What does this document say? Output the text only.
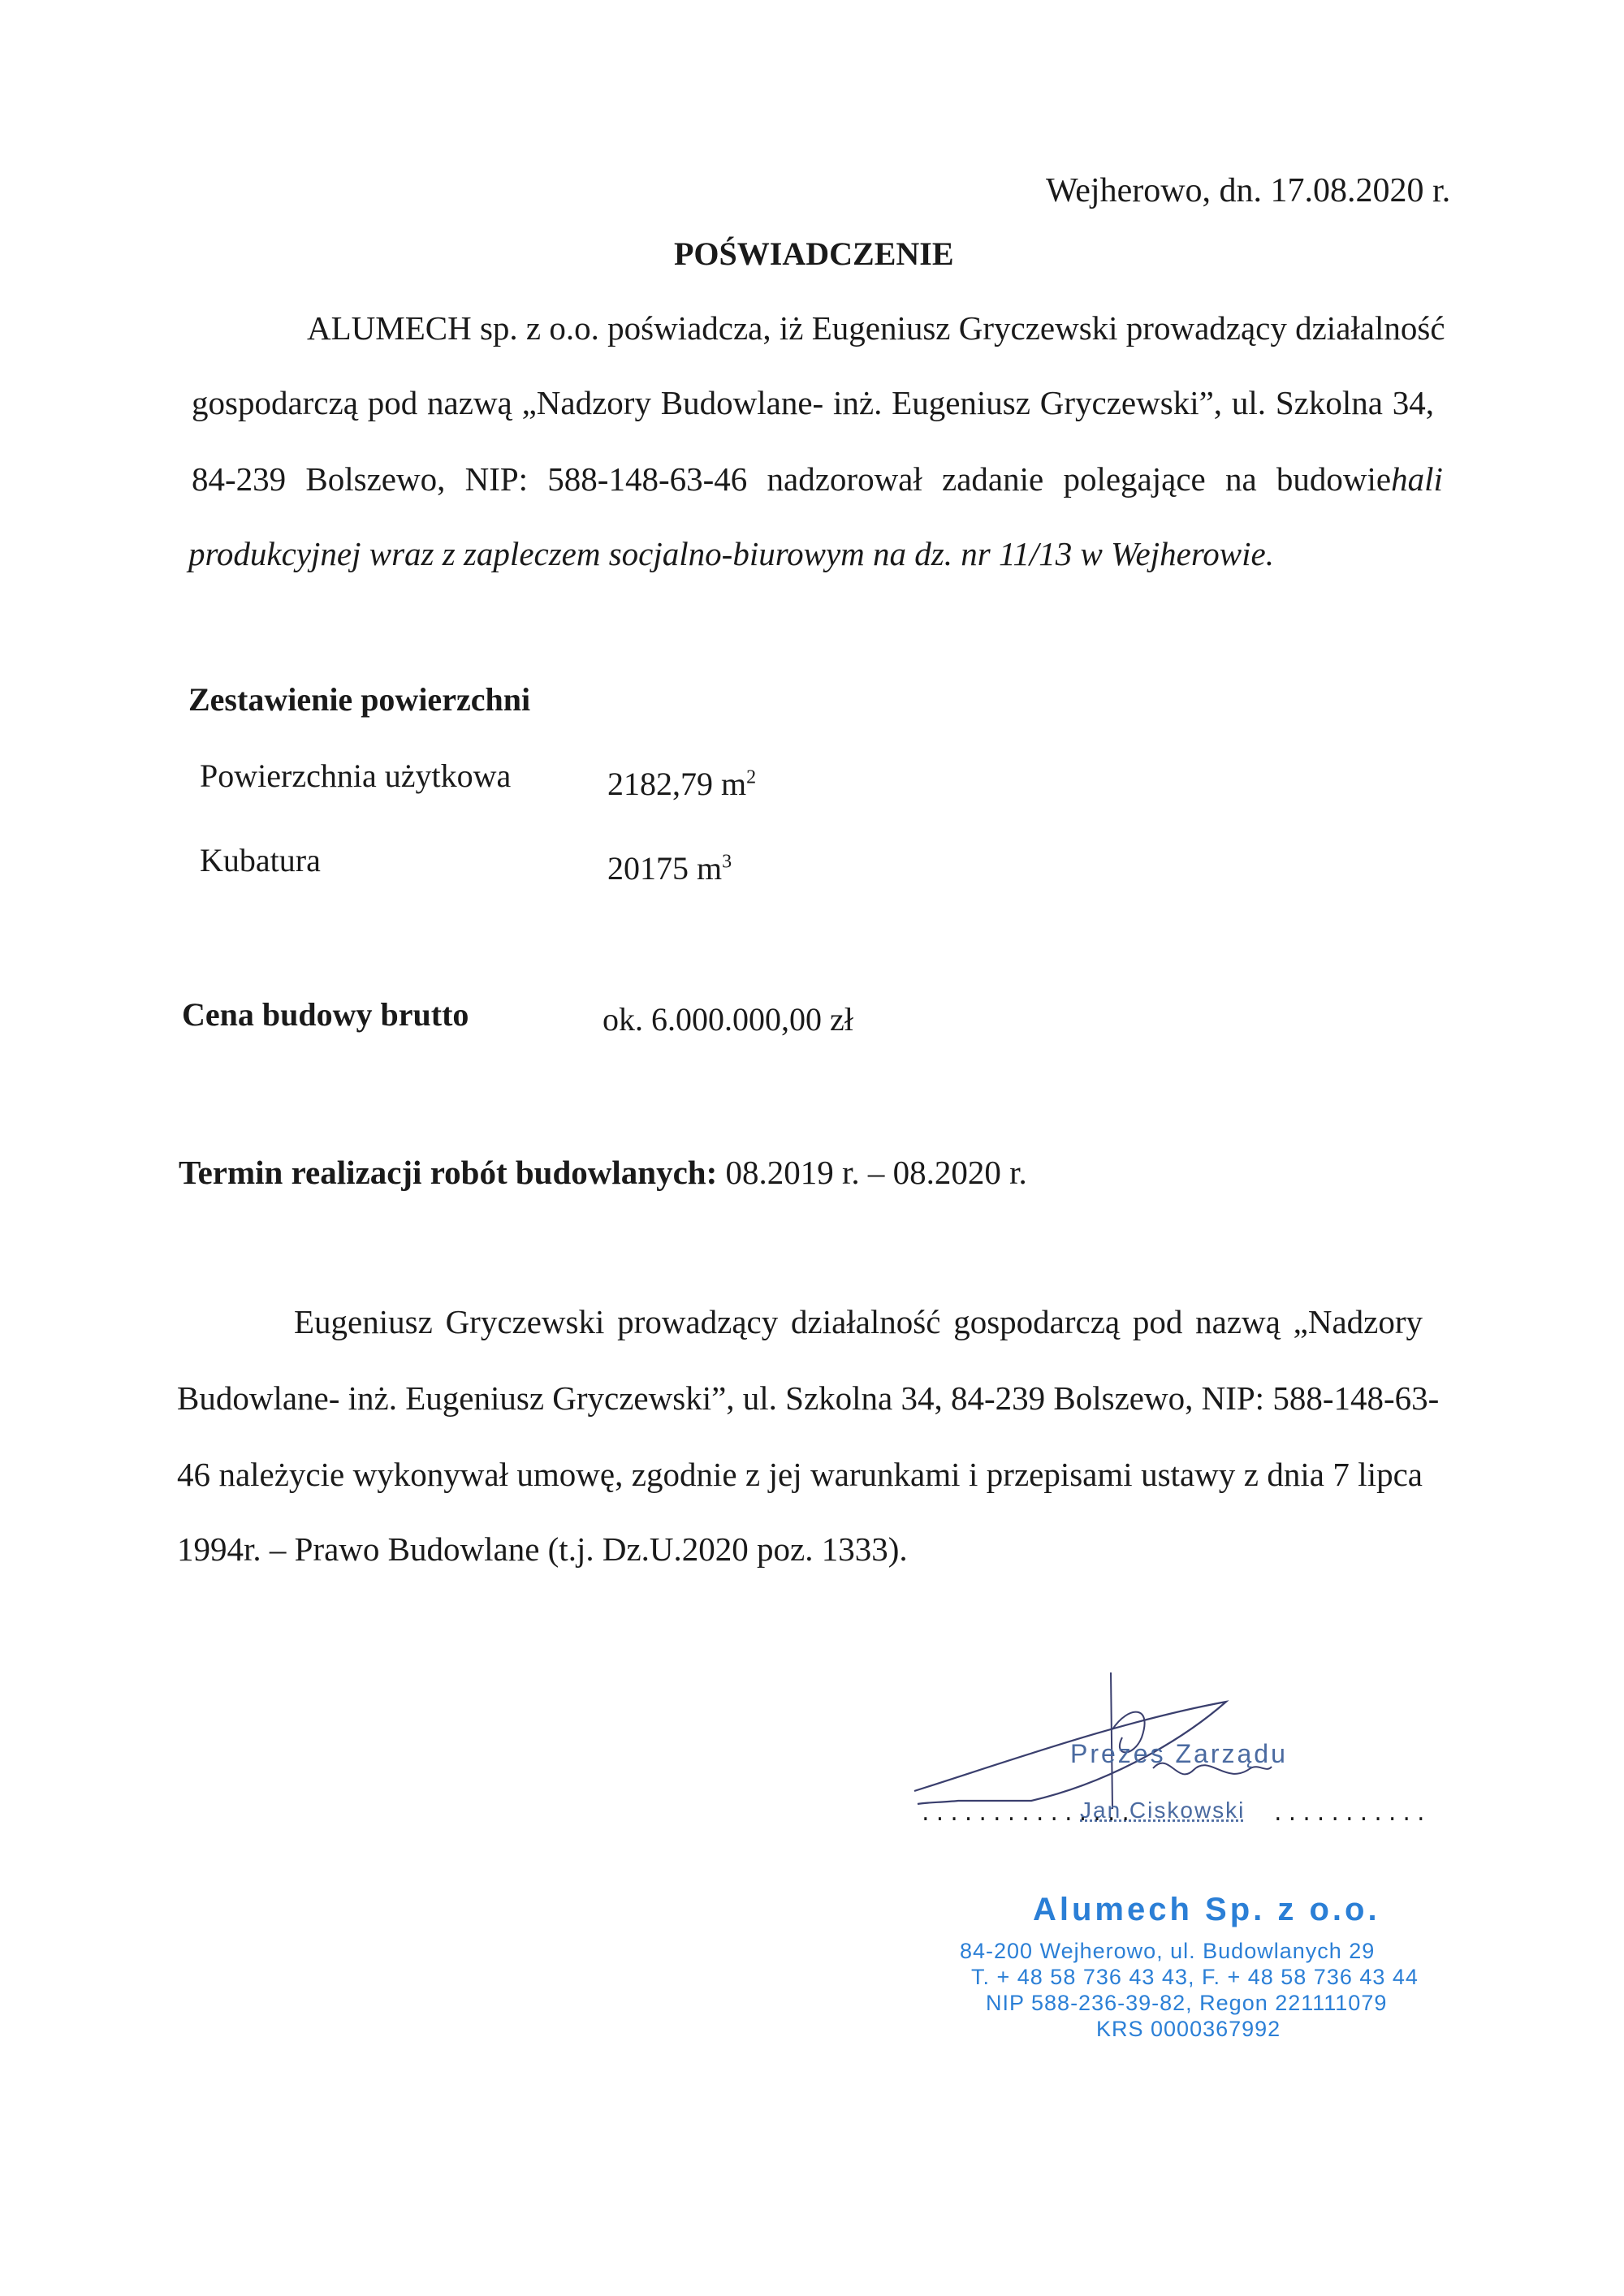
Wejherowo, dn. 17.08.2020 r.
POŚWIADCZENIE
ALUMECH sp. z o.o. poświadcza, iż Eugeniusz Gryczewski prowadzący działalność
gospodarczą pod nazwą „Nadzory Budowlane- inż. Eugeniusz Gryczewski”, ul. Szkolna 34,
84-239 Bolszewo, NIP: 588-148-63-46 nadzorował zadanie polegające na budowie hali
produkcyjnej wraz z zapleczem socjalno-biurowym na dz. nr 11/13 w Wejherowie.
Zestawienie powierzchni
Powierzchnia użytkowa	2182,79 $m^2$
Kubatura	20175 $m^3$
Cena budowy brutto	ok. 6.000.000,00 zł
Termin realizacji robót budowlanych: 08.2019 r. – 08.2020 r.
Eugeniusz Gryczewski prowadzący działalność gospodarczą pod nazwą „Nadzory
Budowlane- inż. Eugeniusz Gryczewski”, ul. Szkolna 34, 84-239 Bolszewo, NIP: 588-148-63-
46 należycie wykonywał umowę, zgodnie z jej warunkami i przepisami ustawy z dnia 7 lipca
1994r. – Prawo Budowlane (t.j. Dz.U.2020 poz. 1333).
Prezes Zarządu
Jan Ciskowski
...............	...........
Alumech Sp. z o.o.
84-200 Wejherowo, ul. Budowlanych 29
T. + 48 58 736 43 43, F. + 48 58 736 43 44
NIP 588-236-39-82, Regon 221111079
KRS 0000367992
